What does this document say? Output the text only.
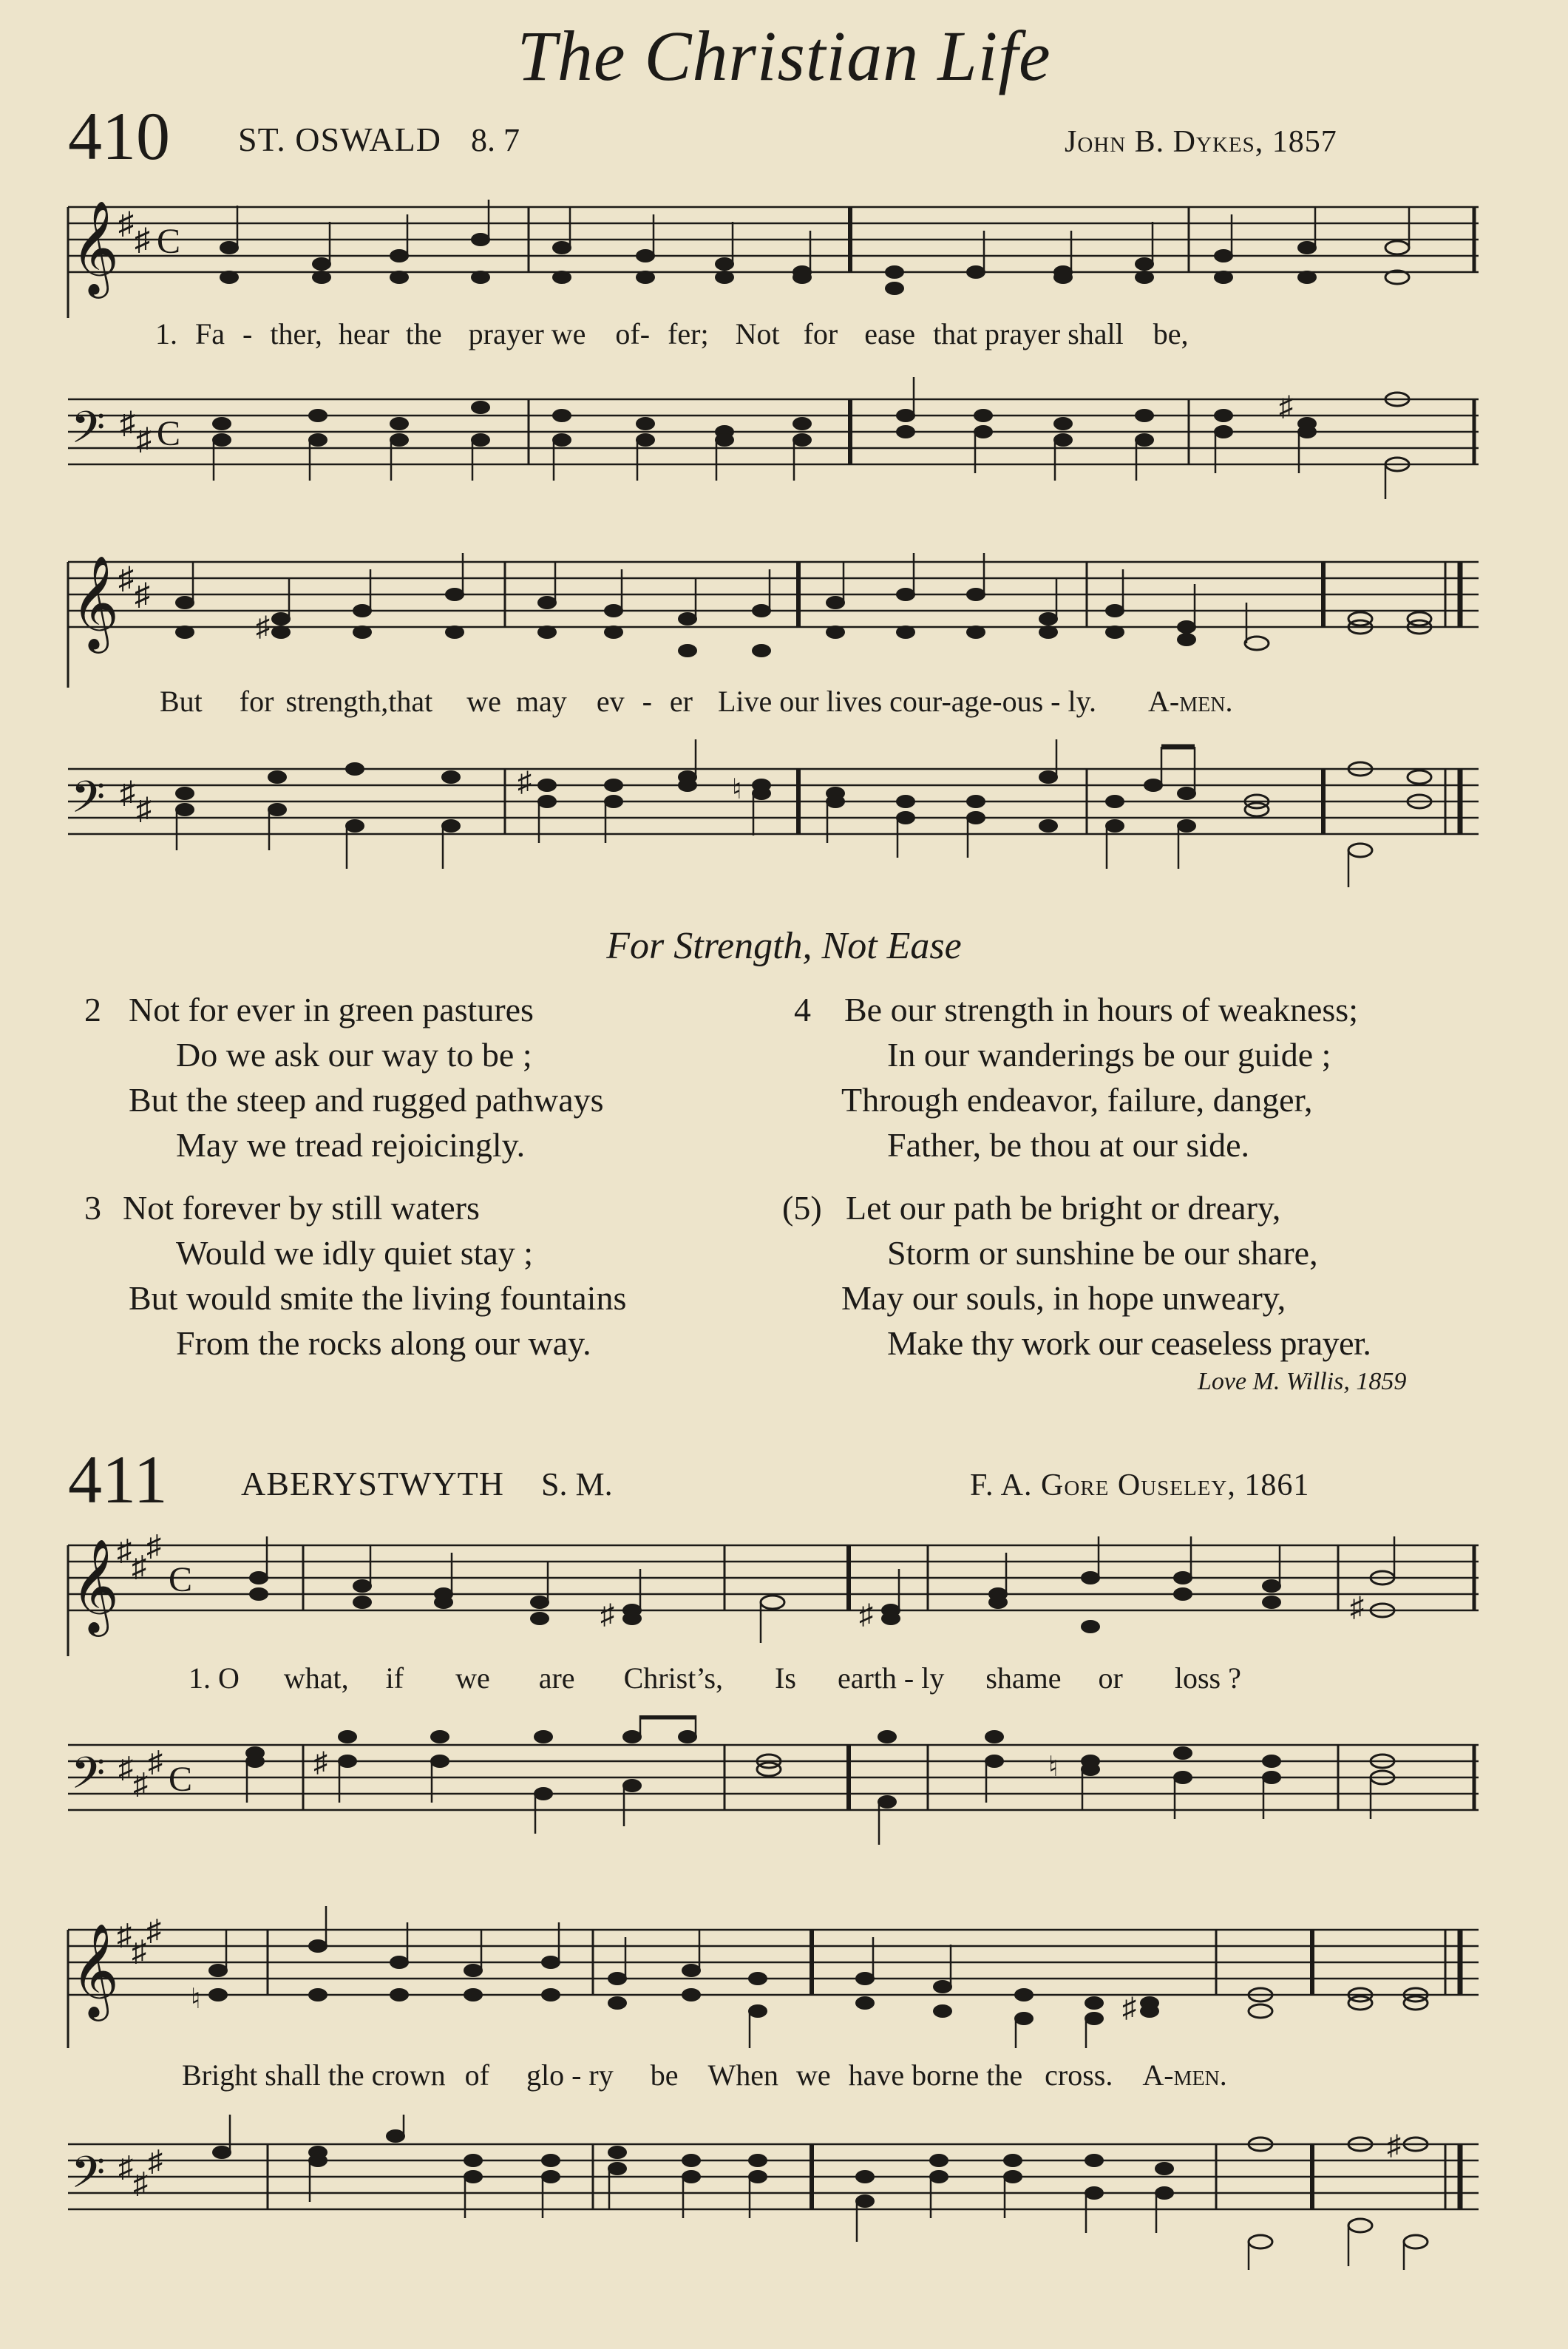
The Christian Life
410 ST. OSWALD 8. 7	John B. Dykes, 1857
𝄞
♯ ♯ C
1. Fa - ther, hear the prayer we of- fer; Not for ease that prayer shall be,
𝄢 ♯ ♯ C
♯
𝄞
♯ ♯
♯
But for strength,that we may ev - er Live our lives cour-age-ous - ly. A-men.
𝄢 ♯ ♯
♯	♮
For Strength, Not Ease
2 Not for ever in green pastures
Do we ask our way to be ;
But the steep and rugged pathways
May we tread rejoicingly.
3 Not forever by still waters
Would we idly quiet stay ;
But would smite the living fountains
From the rocks along our way.
4 Be our strength in hours of weakness;
In our wanderings be our guide ;
Through endeavor, failure, danger,
Father, be thou at our side.
(5) Let our path be bright or dreary,
Storm or sunshine be our share,
May our souls, in hope unweary,
Make thy work our ceaseless prayer.
Love M. Willis, 1859
411 ABERYSTWYTH S. M.	F. A. Gore Ouseley, 1861
𝄞
♯ ♯
♯
C
♯	♯	♯
1. O what, if we are Christ’s, Is earth - ly shame or loss ?
𝄢 ♯ ♯
♯ C	♯	♮
𝄞
♯ ♯
♯
♮	♯
Bright shall the crown of glo - ry be When we have borne the cross. A-men.
𝄢 ♯ ♯
♯	♯
